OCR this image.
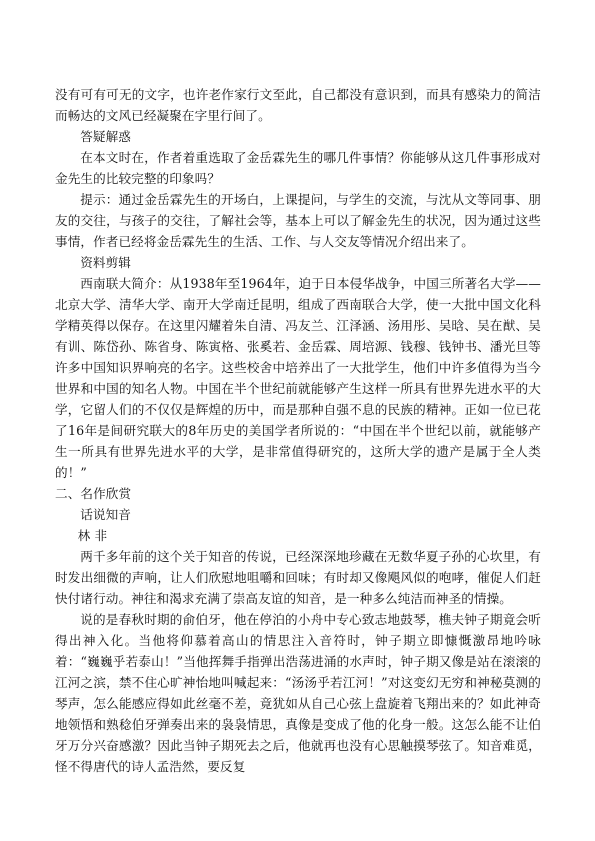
没有可有可无的文字，也许老作家行文至此，自己都没有意识到，而具有感染力的简洁而畅达的文风已经凝聚在字里行间了。

答疑解惑

在本文时在，作者着重选取了金岳霖先生的哪几件事情？你能够从这几件事形成对金先生的比较完整的印象吗？

提示：通过金岳霖先生的开场白，上课提问，与学生的交流，与沈从文等同事、朋友的交往，与孩子的交往，了解社会等，基本上可以了解金先生的状况，因为通过这些事情，作者已经将金岳霖先生的生活、工作、与人交友等情况介绍出来了。

资料剪辑

西南联大简介：从1938年至1964年，迫于日本侵华战争，中国三所著名大学——北京大学、清华大学、南开大学南迁昆明，组成了西南联合大学，使一大批中国文化科学精英得以保存。在这里闪耀着朱自清、冯友兰、江泽涵、汤用彤、吴晗、吴在猷、吴有训、陈岱孙、陈省身、陈寅格、张奚若、金岳霖、周培源、钱穆、钱钟书、潘光旦等许多中国知识界响亮的名字。这些校舍中培养出了一大批学生，他们中许多值得为当今世界和中国的知名人物。中国在半个世纪前就能够产生这样一所具有世界先进水平的大学，它留人们的不仅仅是辉煌的历中，而是那种自强不息的民族的精神。正如一位已花了16年是间研究联大的8年历史的美国学者所说的：“中国在半个世纪以前，就能够产生一所具有世界先进水平的大学，是非常值得研究的，这所大学的遗产是属于全人类的！”

二、名作欣赏

话说知音

林 非

两千多年前的这个关于知音的传说，已经深深地珍藏在无数华夏子孙的心坎里，有时发出细微的声响，让人们欣慰地咀嚼和回味；有时却又像飓风似的咆哮，催促人们赶快付诸行动。神往和渴求充满了崇高友谊的知音，是一种多么纯洁而神圣的情操。

说的是春秋时期的俞伯牙，他在停泊的小舟中专心致志地鼓琴，樵夫钟子期竟会听得出神入化。当他将仰慕着高山的情思注入音符时，钟子期立即慷慨激昂地吟咏着：“巍巍乎若泰山！”当他挥舞手指弹出浩荡进涌的水声时，钟子期又像是站在滚滚的江河之滨，禁不住心旷神怡地叫喊起来：“汤汤乎若江河！”对这变幻无穷和神秘莫测的琴声，怎么能感应得如此丝毫不差，竟犹如从自己心弦上盘旋着飞翔出来的？如此神奇地领悟和熟稔伯牙弹奏出来的袅袅情思，真像是变成了他的化身一般。这怎么能不让伯牙万分兴奋感激？因此当钟子期死去之后，他就再也没有心思触摸琴弦了。知音难觅，怪不得唐代的诗人孟浩然，要反复
